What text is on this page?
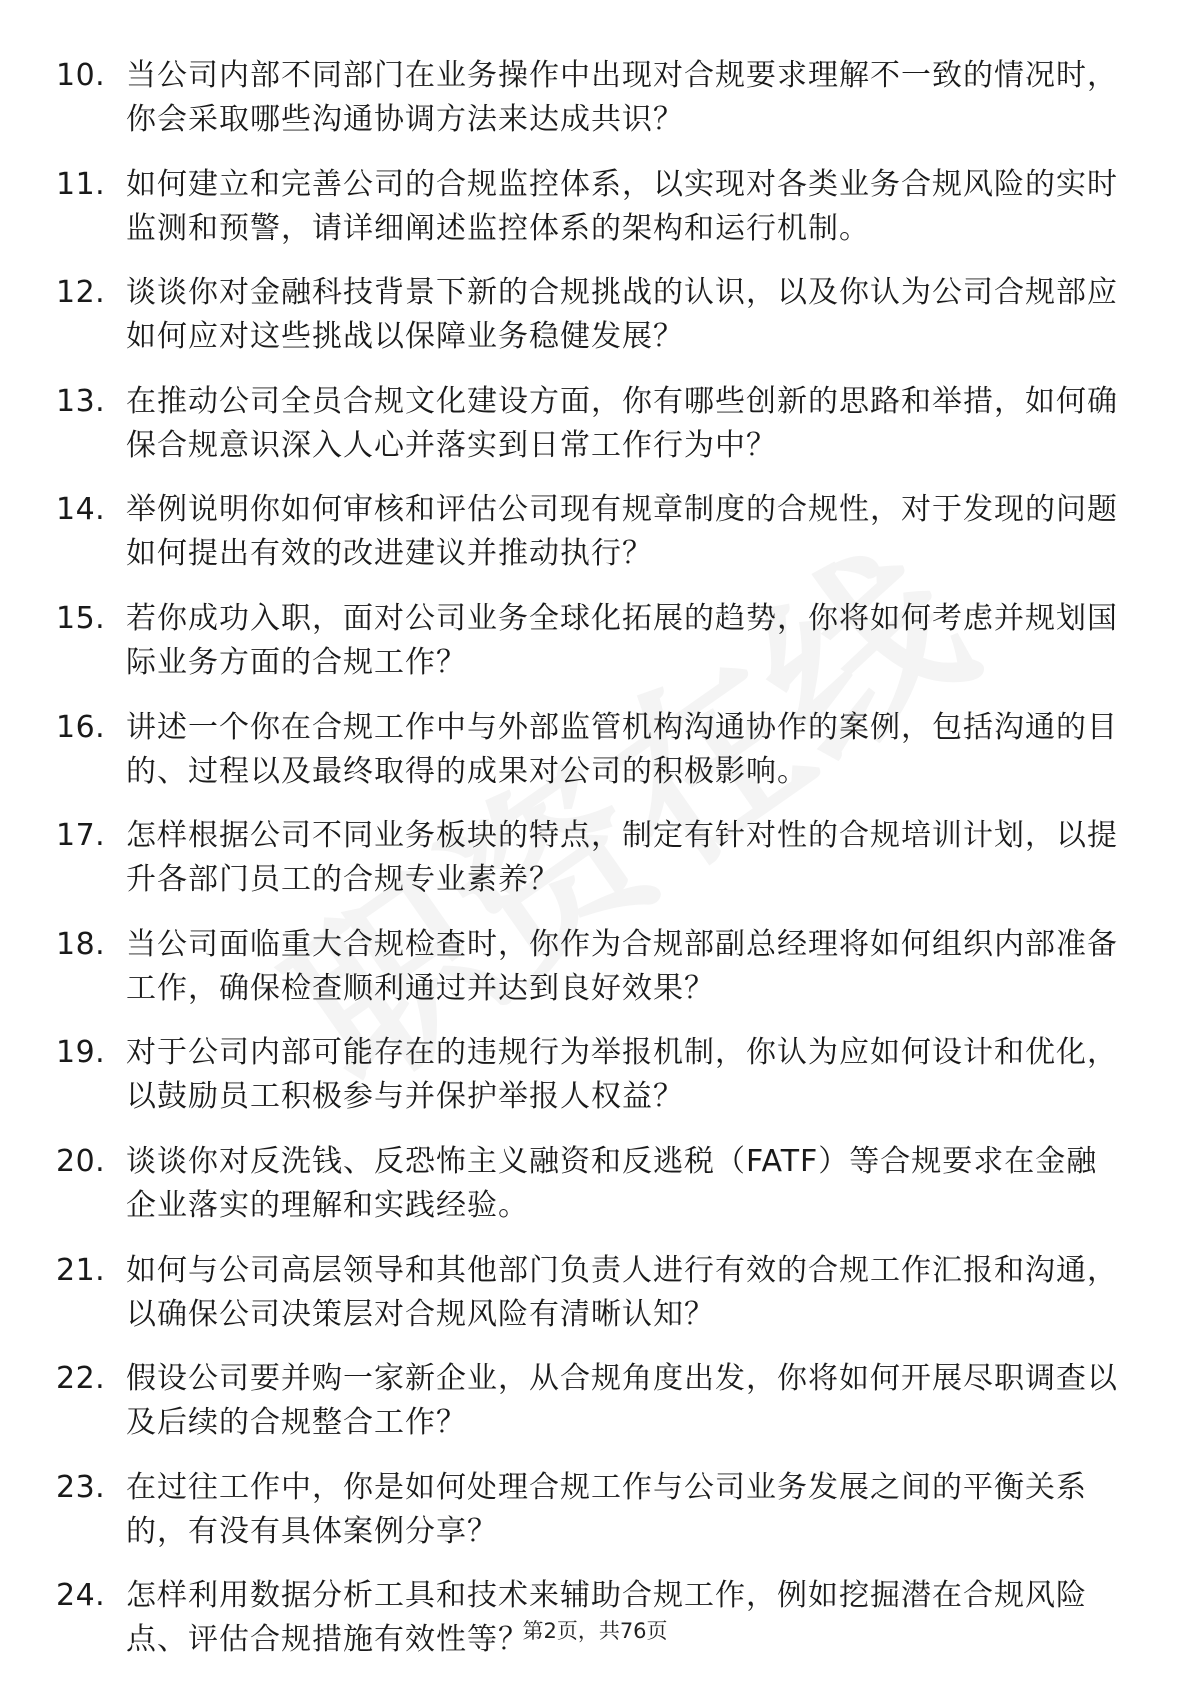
10. 当公司内部不同部门在业务操作中出现对合规要求理解不一致的情况时，你会采取哪些沟通协调方法来达成共识？
11. 如何建立和完善公司的合规监控体系，以实现对各类业务合规风险的实时监测和预警，请详细阐述监控体系的架构和运行机制。
12. 谈谈你对金融科技背景下新的合规挑战的认识，以及你认为公司合规部应如何应对这些挑战以保障业务稳健发展？
13. 在推动公司全员合规文化建设方面，你有哪些创新的思路和举措，如何确保合规意识深入人心并落实到日常工作行为中？
14. 举例说明你如何审核和评估公司现有规章制度的合规性，对于发现的问题如何提出有效的改进建议并推动执行？
15. 若你成功入职，面对公司业务全球化拓展的趋势，你将如何考虑并规划国际业务方面的合规工作？
16. 讲述一个你在合规工作中与外部监管机构沟通协作的案例，包括沟通的目的、过程以及最终取得的成果对公司的积极影响。
17. 怎样根据公司不同业务板块的特点，制定有针对性的合规培训计划，以提升各部门员工的合规专业素养？
18. 当公司面临重大合规检查时，你作为合规部副总经理将如何组织内部准备工作，确保检查顺利通过并达到良好效果？
19. 对于公司内部可能存在的违规行为举报机制，你认为应如何设计和优化，以鼓励员工积极参与并保护举报人权益？
20. 谈谈你对反洗钱、反恐怖主义融资和反逃税（FATF）等合规要求在金融企业落实的理解和实践经验。
21. 如何与公司高层领导和其他部门负责人进行有效的合规工作汇报和沟通，以确保公司决策层对合规风险有清晰认知？
22. 假设公司要并购一家新企业，从合规角度出发，你将如何开展尽职调查以及后续的合规整合工作？
23. 在过往工作中，你是如何处理合规工作与公司业务发展之间的平衡关系的，有没有具体案例分享？
24. 怎样利用数据分析工具和技术来辅助合规工作，例如挖掘潜在合规风险点、评估合规措施有效性等？
第2页，共76页
